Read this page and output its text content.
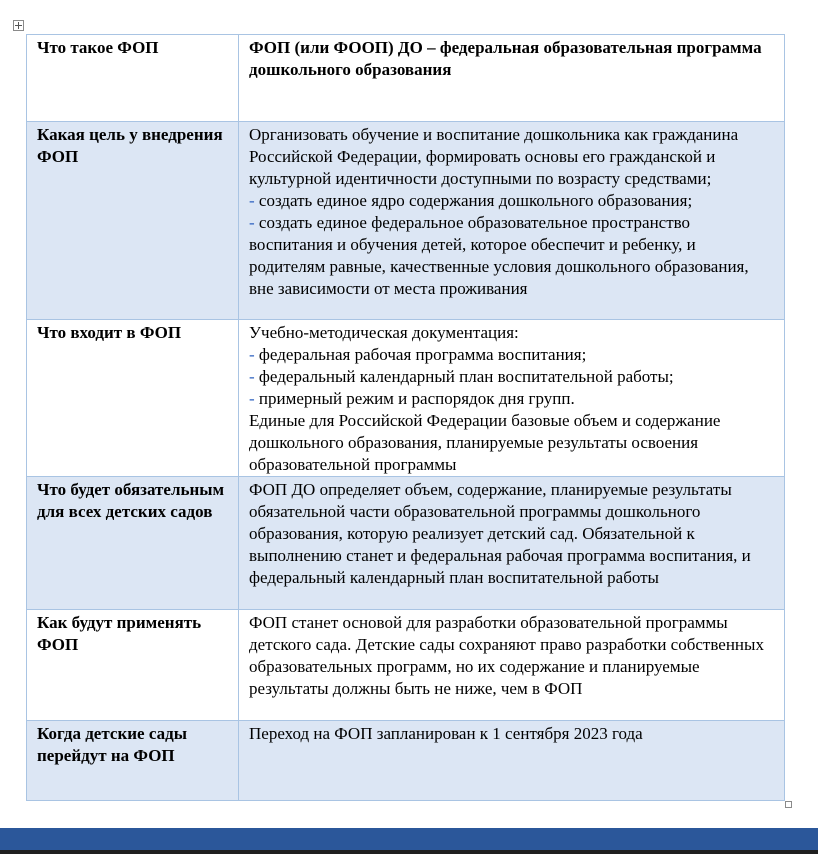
Что такое ФОП	ФОП (или ФООП) ДО – федеральная образовательная программа дошкольного образования

Какая цель у внедрения ФОП	Организовать обучение и воспитание дошкольника как гражданина Российской Федерации, формировать основы его гражданской и культурной идентичности доступными по возрасту средствами;
- создать единое ядро содержания дошкольного образования;
- создать единое федеральное образовательное пространство воспитания и обучения детей, которое обеспечит и ребенку, и родителям равные, качественные условия дошкольного образования, вне зависимости от места проживания

Что входит в ФОП	Учебно-методическая документация:
- федеральная рабочая программа воспитания;
- федеральный календарный план воспитательной работы;
- примерный режим и распорядок дня групп.
Единые для Российской Федерации базовые объем и содержание дошкольного образования, планируемые результаты освоения образовательной программы

Что будет обязательным для всех детских садов	ФОП ДО определяет объем, содержание, планируемые результаты обязательной части образовательной программы дошкольного образования, которую реализует детский сад. Обязательной к выполнению станет и федеральная рабочая программа воспитания, и федеральный календарный план воспитательной работы

Как будут применять ФОП	ФОП станет основой для разработки образовательной программы детского сада. Детские сады сохраняют право разработки собственных образовательных программ, но их содержание и планируемые результаты должны быть не ниже, чем в ФОП

Когда детские сады перейдут на ФОП	Переход на ФОП запланирован к 1 сентября 2023 года
